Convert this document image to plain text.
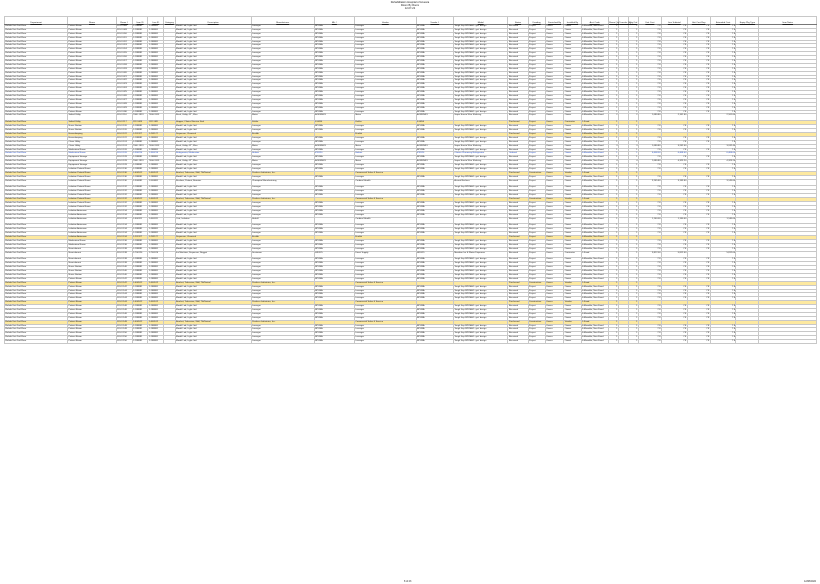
Rehabilitation Hospital of Acuevia
Room By Room
12-07-22
Department	Room	Room #	Item ID	Line ID	Category	Description	Manufacturer	Mfr #	Vendor	Vendor #	Model	Status	Funding	Furnished By	Installed By	Acct Code	Room Qty	Transfer Qty	Qty Ord	Unit Cost	Line Subtotal	Unit Cost Rep	Extended Cost	Equip Pkg Type	Item Notes
Rehab Unit 2nd Floor	Patient Room	RO-2-008	1-188881	1-188881		Model Lab, Light: Idd	Lorenger	BPLMA	Lorenger	BPLMA	Tough Scp BPLMA 1: get: design	Received	Project	Owner	Owner	0-Movable, Non-Fixed	1		1	7.8	7.8	7.8	7.8		
Rehab Unit 2nd Floor	Patient Room	RO-2-009	1-188881	1-188881		Model Lab, Light: Idd	Lorenger	BPLMA	Lorenger	BPLMA	Tough Scp BPLMA 1: get: design	Received	Project	Owner	Owner	0-Movable, Non-Fixed	1		1	7.8	7.8	7.8	7.8		
Rehab Unit 2nd Floor	Patient Room	RO-2-010	1-188881	1-188881		Model Lab, Light: Idd	Lorenger	BPLMA	Lorenger	BPLMA	Tough Scp BPLMA 1: get: design	Received	Project	Owner	Owner	0-Movable, Non-Fixed	1		1	7.8	7.8	7.8	7.8		
Rehab Unit 2nd Floor	Patient Room	RO-2-011	1-188881	1-188881		Model Lab, Light: Idd	Lorenger	BPLMA	Lorenger	BPLMA	Tough Scp BPLMA 1: get: design	Received	Project	Owner	Owner	0-Movable, Non-Fixed	1		1	7.8	7.8	7.8	7.8		
Rehab Unit 2nd Floor	Patient Room	RO-2-012	1-188881	1-188881		Model Lab, Light: Idd	Lorenger	BPLMA	Lorenger	BPLMA	Tough Scp BPLMA 1: get: design	Received	Project	Owner	Owner	0-Movable, Non-Fixed	1		1	7.8	7.8	7.8	7.8		
Rehab Unit 2nd Floor	Patient Room	RO-2-013	1-188881	1-188881		Model Lab, Light: Idd	Lorenger	BPLMA	Lorenger	BPLMA	Tough Scp BPLMA 1: get: design	Received	Project	Owner	Owner	0-Movable, Non-Fixed	1		1	7.8	7.8	7.8	7.8		
Rehab Unit 2nd Floor	Patient Room	RO-2-014	1-188881	1-188881		Model Lab, Light: Idd	Lorenger	BPLMA	Lorenger	BPLMA	Tough Scp BPLMA 1: get: design	Received	Project	Owner	Owner	0-Movable, Non-Fixed	1		1	7.8	7.8	7.8	7.8		
Rehab Unit 2nd Floor	Patient Room	RO-2-015	1-188881	1-188881		Model Lab, Light: Idd	Lorenger	BPLMA	Lorenger	BPLMA	Tough Scp BPLMA 1: get: design	Received	Project	Owner	Owner	0-Movable, Non-Fixed	1		1	7.8	7.8	7.8	7.8		
Rehab Unit 2nd Floor	Patient Room	RO-2-016	1-188881	1-188881		Model Lab, Light: Idd	Lorenger	BPLMA	Lorenger	BPLMA	Tough Scp BPLMA 1: get: design	Received	Project	Owner	Owner	0-Movable, Non-Fixed	1		1	7.8	7.8	7.8	7.8		
Rehab Unit 2nd Floor	Patient Room	RO-2-017	1-188881	1-188881		Model Lab, Light: Idd	Lorenger	BPLMA	Lorenger	BPLMA	Tough Scp BPLMA 1: get: design	Received	Project	Owner	Owner	0-Movable, Non-Fixed	1		1	7.8	7.8	7.8	7.8		
Rehab Unit 2nd Floor	Patient Room	RO-2-018	1-188881	1-188881		Model Lab, Light: Idd	Lorenger	BPLMA	Lorenger	BPLMA	Tough Scp BPLMA 1: get: design	Received	Project	Owner	Owner	0-Movable, Non-Fixed	1		1	7.8	7.8	7.8	7.8		
Rehab Unit 2nd Floor	Patient Room	RO-2-019	1-188881	1-188881		Model Lab, Light: Idd	Lorenger	BPLMA	Lorenger	BPLMA	Tough Scp BPLMA 1: get: design	Received	Project	Owner	Owner	0-Movable, Non-Fixed	1		1	7.8	7.8	7.8	7.8		
Rehab Unit 2nd Floor	Patient Room	RO-2-020	1-188881	1-188881		Model Lab, Light: Idd	Lorenger	BPLMA	Lorenger	BPLMA	Tough Scp BPLMA 1: get: design	Received	Project	Owner	Owner	0-Movable, Non-Fixed	1		1	7.8	7.8	7.8	7.8		
Rehab Unit 2nd Floor	Patient Room	RO-2-021	1-188881	1-188881		Model Lab, Light: Idd	Lorenger	BPLMA	Lorenger	BPLMA	Tough Scp BPLMA 1: get: design	Received	Project	Owner	Owner	0-Movable, Non-Fixed	1		1	7.8	7.8	7.8	7.8		
Rehab Unit 2nd Floor	Patient Room	RO-2-022	1-188881	1-188881		Model Lab, Light: Idd	Lorenger	BPLMA	Lorenger	BPLMA	Tough Scp BPLMA 1: get: design	Received	Project	Owner	Owner	0-Movable, Non-Fixed	1		1	7.8	7.8	7.8	7.8		
Rehab Unit 2nd Floor	Patient Room	RO-2-023	1-188881	1-188881		Model Lab, Light: Idd	Lorenger	BPLMA	Lorenger	BPLMA	Tough Scp BPLMA 1: get: design	Received	Project	Owner	Owner	0-Movable, Non-Fixed	1		1	7.8	7.8	7.8	7.8		
Rehab Unit 2nd Floor	Patient Room	RO-2-024	1-188881	1-188881		Model Lab, Light: Idd	Lorenger	BPLMA	Lorenger	BPLMA	Tough Scp BPLMA 1: get: design	Received	Project	Owner	Owner	0-Movable, Non-Fixed	1		1	7.8	7.8	7.8	7.8		
Rehab Unit 2nd Floor	Patient Room	RO-2-025	1-188881	1-188881		Model Lab, Light: Idd	Lorenger	BPLMA	Lorenger	BPLMA	Tough Scp BPLMA 1: get: design	Received	Project	Owner	Owner	0-Movable, Non-Fixed	1		1	7.8	7.8	7.8	7.8		
Rehab Unit 2nd Floor	Patient Room	RO-2-026	1-188881	1-188881		Model Lab, Light: Idd	Lorenger	BPLMA	Lorenger	BPLMA	Tough Scp BPLMA 1: get: design	Received	Project	Owner	Owner	0-Movable, Non-Fixed	1		1	7.8	7.8	7.8	7.8		
Rehab Unit 2nd Floor	Patient Room	RO-2-027	1-188881	1-188881		Model Lab, Light: Idd	Lorenger	BPLMA	Lorenger	BPLMA	Tough Scp BPLMA 1: get: design	Received	Project	Owner	Owner	0-Movable, Non-Fixed	1		1	7.8	7.8	7.8	7.8		
Rehab Unit 2nd Floor	Patient Room	RO-2-028	1-188881	1-188881		Model Lab, Light: Idd	Lorenger	BPLMA	Lorenger	BPLMA	Tough Scp BPLMA 1: get: design	Received	Project	Owner	Owner	0-Movable, Non-Fixed	1		1	7.8	7.8	7.8	7.8		
Rehab Unit 2nd Floor	Patient Room	RO-2-029	1-188881	1-188881		Model Lab, Light: Idd	Lorenger	BPLMA	Lorenger	BPLMA	Tough Scp BPLMA 1: get: design	Received	Project	Owner	Owner	0-Movable, Non-Fixed	1		1	7.8	7.8	7.8	7.8		
Rehab Unit 2nd Floor	Patient Room	RO-2-030	1-188881	1-188881		Model Lab, Light: Idd	Lorenger	BPLMA	Lorenger	BPLMA	Tough Scp BPLMA 1: get: design	Received	Project	Owner	Owner	0-Movable, Non-Fixed	1		1	7.8	7.8	7.8	7.8		
Rehab Unit 2nd Floor	Soiled Utility	RO-2-116	7000-1913	7000-1913		Rack, Utility, 42", Wire	Metro	A2436NK3	Metro	A2436NK3	Super Erecta Wire Shelving	Received	Project	Owner	Owner	0-Movable, Non-Fixed	2		2	1,080.80	2,161.60		2,161.60		
Rehab Unit 2nd Floor	Soiled Utility	RO-2-117	1112-089	1112-089		Hopper, Clinical Service Sink	Kohler	K-6654	Kohler	K-6654		Purchased	Project	Owner	Contractor	1-Fixed	1		1						
Rehab Unit 2nd Floor	Nurse Station	RO-2-120	1-188881	1-188881		Model Lab, Light: Idd	Lorenger	BPLMA	Lorenger	BPLMA	Tough Scp BPLMA 1: get: design	Received	Project	Owner	Owner	0-Movable, Non-Fixed	1		1	7.8	7.8	7.8	7.8		
Rehab Unit 2nd Floor	Nurse Station	RO-2-120	1-188881	1-188881		Model Lab, Light: Idd	Lorenger	BPLMA	Lorenger	BPLMA	Tough Scp BPLMA 1: get: design	Received	Project	Owner	Owner	0-Movable, Non-Fixed	1		1	7.8	7.8	7.8	7.8		
Rehab Unit 2nd Floor	Housekeeping	RO-2-122	1-201127	1-201127		Dispenser, Chemical	Ecolab		Ecolab			Purchased	Project	Owner	Owner	0-Movable, Non-Fixed	1		1						
Rehab Unit 2nd Floor	Housekeeping	RO-2-122	1-188881	1-188881		Model Lab, Light: Idd	Lorenger	BPLMA	Lorenger	BPLMA	Tough Scp BPLMA 1: get: design	Received	Project	Owner	Owner	0-Movable, Non-Fixed	1		1	7.8	7.8	7.8	7.8		
Rehab Unit 2nd Floor	Clean Utility	RO-2-124	1-188881	1-188881		Model Lab, Light: Idd	Lorenger	BPLMA	Lorenger	BPLMA	Tough Scp BPLMA 1: get: design	Received	Project	Owner	Owner	0-Movable, Non-Fixed	1		1	7.8	7.8	7.8	7.8		
Rehab Unit 2nd Floor	Clean Utility	RO-2-124	7000-1913	7000-1913		Rack, Utility, 42", Wire	Metro	A2436NK3	Metro	A2436NK3	Super Erecta Wire Shelving	Received	Project	Owner	Owner	0-Movable, Non-Fixed	3		3	1,080.80	3,242.40		3,242.40		
Rehab Unit 2nd Floor	Medication Room	RO-2-126	1-188881	1-188881		Model Lab, Light: Idd	Lorenger	BPLMA	Lorenger	BPLMA	Tough Scp BPLMA 1: get: design	Received	Project	Owner	Owner	0-Movable, Non-Fixed	1		1	7.8	7.8	7.8	7.8		
Rehab Unit 2nd Floor	Medication Room	RO-2-126	1-300214	1-300214		Refrigerator, Medication	Helmer	iPR120	Helmer	iPR120	i.Series Pharmacy Refrigerator	Ordered	Project	Owner	Owner	0-Movable, Non-Fixed	1		1	6,408.00	6,408.00		6,408.00		
Rehab Unit 2nd Floor	Equipment Storage	RO-2-128	1-188881	1-188881		Model Lab, Light: Idd	Lorenger	BPLMA	Lorenger	BPLMA	Tough Scp BPLMA 1: get: design	Received	Project	Owner	Owner	0-Movable, Non-Fixed	1		1	7.8	7.8	7.8	7.8		
Rehab Unit 2nd Floor	Equipment Storage	RO-2-128	7000-1913	7000-1913		Rack, Utility, 42", Wire	Metro	A2436NK3	Metro	A2436NK3	Super Erecta Wire Shelving	Received	Project	Owner	Owner	0-Movable, Non-Fixed	4		4	1,080.80	4,323.20		4,323.20		
Rehab Unit 2nd Floor	Equipment Storage	RO-2-128	1-188881	1-188881		Model Lab, Light: Idd	Lorenger	BPLMA	Lorenger	BPLMA	Tough Scp BPLMA 1: get: design	Received	Project	Owner	Owner	0-Movable, Non-Fixed	1		1	7.8	7.8	7.8	7.8		
Rehab Unit 2nd Floor	Isolation Patient Room	RO-2-130	1-188881	1-188881		Model Lab, Light: Idd	Lorenger	BPLMA	Lorenger	BPLMA	Tough Scp BPLMA 1: get: design	Received	Project	Owner	Owner	0-Movable, Non-Fixed	1		1	7.8	7.8	7.8	7.8		
Rehab Unit 2nd Floor	Isolation Patient Room	RO-2-130	1-400512	1-400512		Bracket, Television, Wall, Tilt/Swivel	Peerless Industries, Inc.		Commercial Sales & Service			Purchased	Construction	Owner	Vendor	1-Fixed	1		1						
Rehab Unit 2nd Floor	Isolation Patient Room	RO-2-130	1-188881	1-188881		Model Lab, Light: Idd	Lorenger	BPLMA	Lorenger	BPLMA	Tough Scp BPLMA 1: get: design	Received	Project	Owner	Owner	0-Movable, Non-Fixed	1		1	7.8	7.8	7.8	7.8		
Rehab Unit 2nd Floor	Isolation Patient Room	RO-2-130	1-500881	1-500881		Recliner, Patient, Bariatric	Champion Manufacturing		Cardinal Health		Ascent Recliner	Received	Project	Owner	Owner	0-Movable, Non-Fixed	1		1	3,145.60	3,145.60		3,145.60		
Rehab Unit 2nd Floor	Isolation Patient Room	RO-2-132	1-188881	1-188881		Model Lab, Light: Idd	Lorenger	BPLMA	Lorenger	BPLMA	Tough Scp BPLMA 1: get: design	Received	Project	Owner	Owner	0-Movable, Non-Fixed	1		1	7.8	7.8	7.8	7.8		
Rehab Unit 2nd Floor	Isolation Patient Room	RO-2-132	1-188881	1-188881		Model Lab, Light: Idd	Lorenger	BPLMA	Lorenger	BPLMA	Tough Scp BPLMA 1: get: design	Received	Project	Owner	Owner	0-Movable, Non-Fixed	1		1	7.8	7.8	7.8	7.8		
Rehab Unit 2nd Floor	Isolation Patient Room	RO-2-132	1-188881	1-188881		Model Lab, Light: Idd	Lorenger	BPLMA	Lorenger	BPLMA	Tough Scp BPLMA 1: get: design	Received	Project	Owner	Owner	0-Movable, Non-Fixed	1		1	7.8	7.8	7.8	7.8		
Rehab Unit 2nd Floor	Isolation Patient Room	RO-2-132	1-400512	1-400512		Bracket, Television, Wall, Tilt/Swivel	Peerless Industries, Inc.		Commercial Sales & Service			Purchased	Construction	Owner	Vendor	1-Fixed	1		1						
Rehab Unit 2nd Floor	Isolation Patient Room	RO-2-132	1-188881	1-188881		Model Lab, Light: Idd	Lorenger	BPLMA	Lorenger	BPLMA	Tough Scp BPLMA 1: get: design	Received	Project	Owner	Owner	0-Movable, Non-Fixed	1		1	7.8	7.8	7.8	7.8		
Rehab Unit 2nd Floor	Isolation Patient Room	RO-2-132	1-188881	1-188881		Model Lab, Light: Idd	Lorenger	BPLMA	Lorenger	BPLMA	Tough Scp BPLMA 1: get: design	Received	Project	Owner	Owner	0-Movable, Non-Fixed	1		1	7.8	7.8	7.8	7.8		
Rehab Unit 2nd Floor	Isolation Anteroom	RO-2-134	1-188881	1-188881		Model Lab, Light: Idd	Lorenger	BPLMA	Lorenger	BPLMA	Tough Scp BPLMA 1: get: design	Received	Project	Owner	Owner	0-Movable, Non-Fixed	1		1	7.8	7.8	7.8	7.8		
Rehab Unit 2nd Floor	Isolation Anteroom	RO-2-134	1-188881	1-188881		Model Lab, Light: Idd	Lorenger	BPLMA	Lorenger	BPLMA	Tough Scp BPLMA 1: get: design	Received	Project	Owner	Owner	0-Movable, Non-Fixed	1		1	7.8	7.8	7.8	7.8		
Rehab Unit 2nd Floor	Isolation Anteroom	RO-2-134	1-600311	1-600311		Cart, Isolation	Harloff		Cardinal Health			Received	Project	Owner	Owner	0-Movable, Non-Fixed	1		1	1,140.00	1,140.00		1,140.00		
Rehab Unit 2nd Floor	Isolation Anteroom	RO-2-134	1-188881	1-188881		Model Lab, Light: Idd	Lorenger	BPLMA	Lorenger	BPLMA	Tough Scp BPLMA 1: get: design	Received	Project	Owner	Owner	0-Movable, Non-Fixed	1		1	7.8	7.8	7.8	7.8		
Rehab Unit 2nd Floor	Isolation Anteroom	RO-2-134	1-188881	1-188881		Model Lab, Light: Idd	Lorenger	BPLMA	Lorenger	BPLMA	Tough Scp BPLMA 1: get: design	Received	Project	Owner	Owner	0-Movable, Non-Fixed	1		1	7.8	7.8	7.8	7.8		
Rehab Unit 2nd Floor	Isolation Anteroom	RO-2-134	1-188881	1-188881		Model Lab, Light: Idd	Lorenger	BPLMA	Lorenger	BPLMA	Tough Scp BPLMA 1: get: design	Received	Project	Owner	Owner	0-Movable, Non-Fixed	1		1	7.8	7.8	7.8	7.8		
Rehab Unit 2nd Floor	Isolation Anteroom	RO-2-134	1-201127	1-201127		Dispenser, Chemical	Ecolab		Ecolab			Purchased	Project	Owner	Owner	0-Movable, Non-Fixed	1		1						
Rehab Unit 2nd Floor	Medication Room	RO-2-136	1-188881	1-188881		Model Lab, Light: Idd	Lorenger	BPLMA	Lorenger	BPLMA	Tough Scp BPLMA 1: get: design	Received	Project	Owner	Owner	0-Movable, Non-Fixed	1		1	7.8	7.8	7.8	7.8		
Rehab Unit 2nd Floor	Medication Room	RO-2-136	1-188881	1-188881		Model Lab, Light: Idd	Lorenger	BPLMA	Lorenger	BPLMA	Tough Scp BPLMA 1: get: design	Received	Project	Owner	Owner	0-Movable, Non-Fixed	1		1	7.8	7.8	7.8	7.8		
Rehab Unit 2nd Floor	Nourishment	RO-2-138	1-188881	1-188881		Model Lab, Light: Idd	Lorenger	BPLMA	Lorenger	BPLMA	Tough Scp BPLMA 1: get: design	Received	Project	Owner	Owner	0-Movable, Non-Fixed	1		1	7.8	7.8	7.8	7.8		
Rehab Unit 2nd Floor	Nourishment	RO-2-138	1-700120	1-700120		Ice Machine, Dispenser, Nugget	Scotsman	HID525	Direct Supply	HID525	Meridian Ice & Water Dispenser	Received	Project	Owner	Contractor	1-Fixed	1		1	5,812.00	5,812.00		5,812.00		
Rehab Unit 2nd Floor	Nourishment	RO-2-138	1-188881	1-188881		Model Lab, Light: Idd	Lorenger	BPLMA	Lorenger	BPLMA	Tough Scp BPLMA 1: get: design	Received	Project	Owner	Owner	0-Movable, Non-Fixed	1		1	7.8	7.8	7.8	7.8		
Rehab Unit 2nd Floor	Nourishment	RO-2-138	1-188881	1-188881		Model Lab, Light: Idd	Lorenger	BPLMA	Lorenger	BPLMA	Tough Scp BPLMA 1: get: design	Received	Project	Owner	Owner	0-Movable, Non-Fixed	1		1	7.8	7.8	7.8	7.8		
Rehab Unit 2nd Floor	Nurse Station	RO-2-140	1-188881	1-188881		Model Lab, Light: Idd	Lorenger	BPLMA	Lorenger	BPLMA	Tough Scp BPLMA 1: get: design	Received	Project	Owner	Owner	0-Movable, Non-Fixed	1		1	7.8	7.8	7.8	7.8		
Rehab Unit 2nd Floor	Nurse Station	RO-2-140	1-188881	1-188881		Model Lab, Light: Idd	Lorenger	BPLMA	Lorenger	BPLMA	Tough Scp BPLMA 1: get: design	Received	Project	Owner	Owner	0-Movable, Non-Fixed	1		1	7.8	7.8	7.8	7.8		
Rehab Unit 2nd Floor	Nurse Station	RO-2-140	1-188881	1-188881		Model Lab, Light: Idd	Lorenger	BPLMA	Lorenger	BPLMA	Tough Scp BPLMA 1: get: design	Received	Project	Owner	Owner	0-Movable, Non-Fixed	1		1	7.8	7.8	7.8	7.8		
Rehab Unit 2nd Floor	Patient Room	RO-2-142	1-188881	1-188881		Model Lab, Light: Idd	Lorenger	BPLMA	Lorenger	BPLMA	Tough Scp BPLMA 1: get: design	Received	Project	Owner	Owner	0-Movable, Non-Fixed	1		1	7.8	7.8	7.8	7.8		
Rehab Unit 2nd Floor	Patient Room	RO-2-142	1-400512	1-400512		Bracket, Television, Wall, Tilt/Swivel	Peerless Industries, Inc.		Commercial Sales & Service			Purchased	Construction	Owner	Vendor	1-Fixed	1		1						
Rehab Unit 2nd Floor	Patient Room	RO-2-142	1-188881	1-188881		Model Lab, Light: Idd	Lorenger	BPLMA	Lorenger	BPLMA	Tough Scp BPLMA 1: get: design	Received	Project	Owner	Owner	0-Movable, Non-Fixed	1		1	7.8	7.8	7.8	7.8		
Rehab Unit 2nd Floor	Patient Room	RO-2-144	1-188881	1-188881		Model Lab, Light: Idd	Lorenger	BPLMA	Lorenger	BPLMA	Tough Scp BPLMA 1: get: design	Received	Project	Owner	Owner	0-Movable, Non-Fixed	1		1	7.8	7.8	7.8	7.8		
Rehab Unit 2nd Floor	Patient Room	RO-2-144	1-188881	1-188881		Model Lab, Light: Idd	Lorenger	BPLMA	Lorenger	BPLMA	Tough Scp BPLMA 1: get: design	Received	Project	Owner	Owner	0-Movable, Non-Fixed	1		1	7.8	7.8	7.8	7.8		
Rehab Unit 2nd Floor	Patient Room	RO-2-144	1-188881	1-188881		Model Lab, Light: Idd	Lorenger	BPLMA	Lorenger	BPLMA	Tough Scp BPLMA 1: get: design	Received	Project	Owner	Owner	0-Movable, Non-Fixed	1		1	7.8	7.8	7.8	7.8		
Rehab Unit 2nd Floor	Patient Room	RO-2-144	1-400512	1-400512		Bracket, Television, Wall, Tilt/Swivel	Peerless Industries, Inc.		Commercial Sales & Service			Purchased	Construction	Owner	Vendor	1-Fixed	1		1						
Rehab Unit 2nd Floor	Patient Room	RO-2-146	1-188881	1-188881		Model Lab, Light: Idd	Lorenger	BPLMA	Lorenger	BPLMA	Tough Scp BPLMA 1: get: design	Received	Project	Owner	Owner	0-Movable, Non-Fixed	1		1	7.8	7.8	7.8	7.8		
Rehab Unit 2nd Floor	Patient Room	RO-2-146	1-188881	1-188881		Model Lab, Light: Idd	Lorenger	BPLMA	Lorenger	BPLMA	Tough Scp BPLMA 1: get: design	Received	Project	Owner	Owner	0-Movable, Non-Fixed	1		1	7.8	7.8	7.8	7.8		
Rehab Unit 2nd Floor	Patient Room	RO-2-146	1-188881	1-188881		Model Lab, Light: Idd	Lorenger	BPLMA	Lorenger	BPLMA	Tough Scp BPLMA 1: get: design	Received	Project	Owner	Owner	0-Movable, Non-Fixed	1		1	7.8	7.8	7.8	7.8		
Rehab Unit 2nd Floor	Patient Room	RO-2-148	1-188881	1-188881		Model Lab, Light: Idd	Lorenger	BPLMA	Lorenger	BPLMA	Tough Scp BPLMA 1: get: design	Received	Project	Owner	Owner	0-Movable, Non-Fixed	1		1	7.8	7.8	7.8	7.8		
Rehab Unit 2nd Floor	Patient Room	RO-2-148	1-400512	1-400512		Bracket, Television, Wall, Tilt/Swivel	Peerless Industries, Inc.		Commercial Sales & Service			Purchased	Construction	Owner	Vendor	1-Fixed	1		1						
Rehab Unit 2nd Floor	Patient Room	RO-2-148	1-188881	1-188881		Model Lab, Light: Idd	Lorenger	BPLMA	Lorenger	BPLMA	Tough Scp BPLMA 1: get: design	Received	Project	Owner	Owner	0-Movable, Non-Fixed	1		1	7.8	7.8	7.8	7.8		
Rehab Unit 2nd Floor	Patient Room	RO-2-148	1-188881	1-188881		Model Lab, Light: Idd	Lorenger	BPLMA	Lorenger	BPLMA	Tough Scp BPLMA 1: get: design	Received	Project	Owner	Owner	0-Movable, Non-Fixed	1		1	7.8	7.8	7.8	7.8		
Rehab Unit 2nd Floor	Patient Room	RO-2-150	1-188881	1-188881		Model Lab, Light: Idd	Lorenger	BPLMA	Lorenger	BPLMA	Tough Scp BPLMA 1: get: design	Received	Project	Owner	Owner	0-Movable, Non-Fixed	1		1	7.8	7.8	7.8	7.8		
Rehab Unit 2nd Floor	Patient Room	RO-2-150	1-188881	1-188881		Model Lab, Light: Idd	Lorenger	BPLMA	Lorenger	BPLMA	Tough Scp BPLMA 1: get: design	Received	Project	Owner	Owner	0-Movable, Non-Fixed	1		1	7.8	7.8	7.8	7.8		
Rehab Unit 2nd Floor	Patient Room	RO-2-150	1-188881	1-188881		Model Lab, Light: Idd	Lorenger	BPLMA	Lorenger	BPLMA	Tough Scp BPLMA 1: get: design	Received	Project	Owner	Owner	0-Movable, Non-Fixed	1		1	7.8	7.8	7.8	7.8		
8 of 23	12/08/2022
